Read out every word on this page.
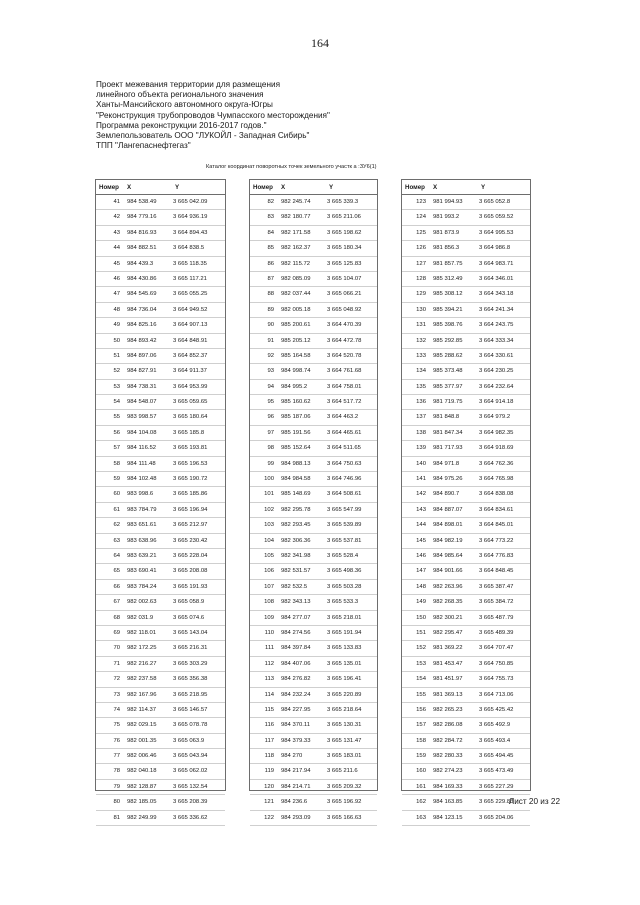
164
Проект межевания территории для размещения
линейного объекта регионального значения
Ханты-Мансийского автономного округа-Югры
"Реконструкция трубопроводов Чумпасского месторождения"
Программа реконструкции 2016-2017 годов."
Землепользователь ООО "ЛУКОЙЛ - Западная Сибирь"
ТПП "Лангепаснефтегаз"
Каталог координат поворотных точек земельного участк а :ЗУ6(1)
Номер X	Y
41 984 538.49	3 665 042.09
42 984 779.16	3 664 936.19
43 984 816.93	3 664 894.43
44 984 882.51	3 664 838.5
45 984 439.3	3 665 118.35
46 984 430.86	3 665 117.21
47 984 545.69	3 665 055.25
48 984 736.04	3 664 949.52
49 984 825.16	3 664 907.13
50 984 893.42	3 664 848.91
51 984 897.06	3 664 852.37
52 984 827.91	3 664 911.37
53 984 738.31	3 664 953.99
54 984 548.07	3 665 059.65
55 983 998.57	3 665 180.64
56 984 104.08	3 665 185.8
57 984 116.52	3 665 193.81
58 984 111.48	3 665 196.53
59 984 102.48	3 665 190.72
60 983 998.6	3 665 185.86
61 983 784.79	3 665 196.94
62 983 651.61	3 665 212.97
63 983 638.96	3 665 230.42
64 983 639.21	3 665 228.04
65 983 690.41	3 665 208.08
66 983 784.24	3 665 191.93
67 982 002.63	3 665 058.9
68 982 031.9	3 665 074.6
69 982 118.01	3 665 143.04
70 982 172.25	3 665 216.31
71 982 216.27	3 665 303.29
72 982 237.58	3 665 356.38
73 982 167.96	3 665 218.95
74 982 114.37	3 665 146.57
75 982 029.15	3 665 078.78
76 982 001.35	3 665 063.9
77 982 006.46	3 665 043.94
78 982 040.18	3 665 062.02
79 982 128.87	3 665 132.54
80 982 185.05	3 665 208.39
81 982 249.99	3 665 336.62
Номер X	Y
82 982 245.74	3 665 339.3
83 982 180.77	3 665 211.06
84 982 171.58	3 665 198.62
85 982 162.37	3 665 180.34
86 982 115.72	3 665 125.83
87 982 085.09	3 665 104.07
88 982 037.44	3 665 066.21
89 982 005.18	3 665 048.92
90 985 200.61	3 664 470.39
91 985 205.12	3 664 472.78
92 985 164.58	3 664 520.78
93 984 998.74	3 664 761.68
94 984 995.2	3 664 758.01
95 985 160.62	3 664 517.72
96 985 187.06	3 664 463.2
97 985 191.56	3 664 465.61
98 985 152.64	3 664 511.65
99 984 988.13	3 664 750.63
100 984 984.58	3 664 746.96
101 985 148.69	3 664 508.61
102 982 295.78	3 665 547.99
103 982 293.45	3 665 539.89
104 982 306.36	3 665 537.81
105 982 341.98	3 665 528.4
106 982 531.57	3 665 498.36
107 982 532.5	3 665 503.28
108 982 343.13	3 665 533.3
109 984 277.07	3 665 218.01
110 984 274.56	3 665 191.94
111 984 397.84	3 665 133.83
112 984 407.06	3 665 135.01
113 984 276.82	3 665 196.41
114 984 232.24	3 665 220.89
115 984 227.95	3 665 218.64
116 984 370.11	3 665 130.31
117 984 379.33	3 665 131.47
118 984 270	3 665 183.01
119 984 217.94	3 665 211.6
120 984 214.71	3 665 209.32
121 984 236.6	3 665 196.92
122 984 293.09	3 665 166.63
Номер X	Y
123 981 994.93	3 665 052.8
124 981 993.2	3 665 059.52
125 981 873.9	3 664 995.53
126 981 856.3	3 664 986.8
127 981 857.75	3 664 983.71
128 985 312.49	3 664 346.01
129 985 308.12	3 664 343.18
130 985 394.21	3 664 241.34
131 985 398.76	3 664 243.75
132 985 292.85	3 664 333.34
133 985 288.62	3 664 330.61
134 985 373.48	3 664 230.25
135 985 377.97	3 664 232.64
136 981 719.75	3 664 914.18
137 981 848.8	3 664 979.2
138 981 847.34	3 664 982.35
139 981 717.93	3 664 918.69
140 984 971.8	3 664 762.36
141 984 975.26	3 664 765.98
142 984 890.7	3 664 838.08
143 984 887.07	3 664 834.61
144 984 898.01	3 664 845.01
145 984 982.19	3 664 773.22
146 984 985.64	3 664 776.83
147 984 901.66	3 664 848.45
148 982 263.96	3 665 387.47
149 982 268.35	3 665 384.72
150 982 300.21	3 665 487.79
151 982 295.47	3 665 489.39
152 981 369.22	3 664 707.47
153 981 453.47	3 664 750.85
154 981 451.97	3 664 755.73
155 981 369.13	3 664 713.06
156 982 265.23	3 665 425.42
157 982 286.08	3 665 492.9
158 982 284.72	3 665 493.4
159 982 280.33	3 665 494.45
160 982 274.23	3 665 473.49
161 984 169.33	3 665 227.29
162 984 163.85	3 665 229.83
163 984 123.15	3 665 204.06
Лист 20 из 22
